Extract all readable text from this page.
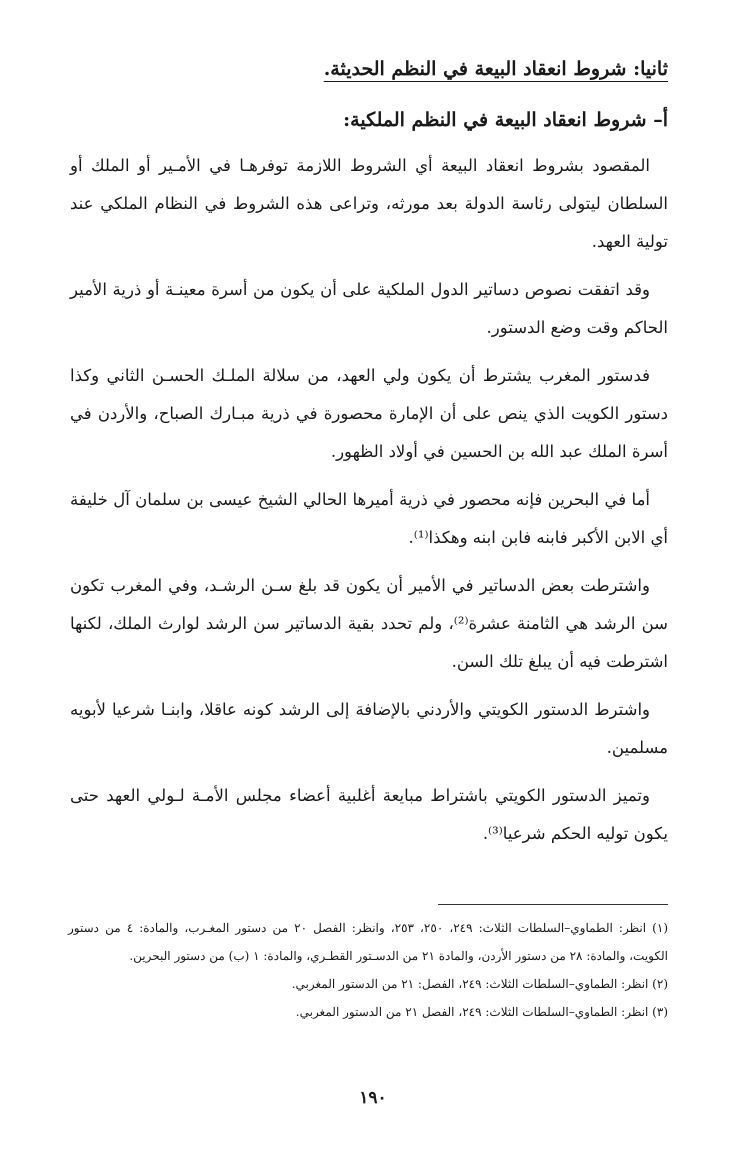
ثانيا: شروط انعقاد البيعة في النظم الحديثة.
أ– شروط انعقاد البيعة في النظم الملكية:

المقصود بشروط انعقاد البيعة أي الشروط اللازمة توفرهـا في الأمـير أو الملك أو السلطان ليتولى رئاسة الدولة بعد مورثه، وتراعى هذه الشروط في النظام الملكي عند تولية العهد.

وقد اتفقت نصوص دساتير الدول الملكية على أن يكون من أسرة معينـة أو ذرية الأمير الحاكم وقت وضع الدستور.

فدستور المغرب يشترط أن يكون ولي العهد، من سلالة الملـك الحسـن الثاني وكذا دستور الكويت الذي ينص على أن الإمارة محصورة في ذرية مبـارك الصباح، والأردن في أسرة الملك عبد الله بن الحسين في أولاد الظهور.

أما في البحرين فإنه محصور في ذرية أميرها الحالي الشيخ عيسى بن سلمان آل خليفة أي الابن الأكبر فابنه فابن ابنه وهكذا⁽¹⁾.

واشترطت بعض الدساتير في الأمير أن يكون قد بلغ سـن الرشـد، وفي المغرب تكون سن الرشد هي الثامنة عشرة⁽²⁾، ولم تحدد بقية الدساتير سن الرشد لوارث الملك، لكنها اشترطت فيه أن يبلغ تلك السن.

واشترط الدستور الكويتي والأردني بالإضافة إلى الرشد كونه عاقلا، وابنـا شرعيا لأبويه مسلمين.

وتميز الدستور الكويتي باشتراط مبايعة أغلبية أعضاء مجلس الأمـة لـولي العهد حتى يكون توليه الحكم شرعيا⁽³⁾.

(١) انظر: الطماوي–السلطات الثلاث: ٢٤٩، ٢٥٠، ٢٥٣، وانظر: الفصل ٢٠ من دستور المغـرب، والمادة: ٤ من دستور الكويت، والمادة: ٢٨ من دستور الأردن، والمادة ٢١ من الدسـتور القطـري، والمادة: ١ (ب) من دستور البحرين.

(٢) انظر: الطماوي–السلطات الثلاث: ٢٤٩، الفصل: ٢١ من الدستور المغربي.

(٣) انظر: الطماوي–السلطات الثلاث: ٢٤٩، الفصل ٢١ من الدستور المغربي.

١٩٠
